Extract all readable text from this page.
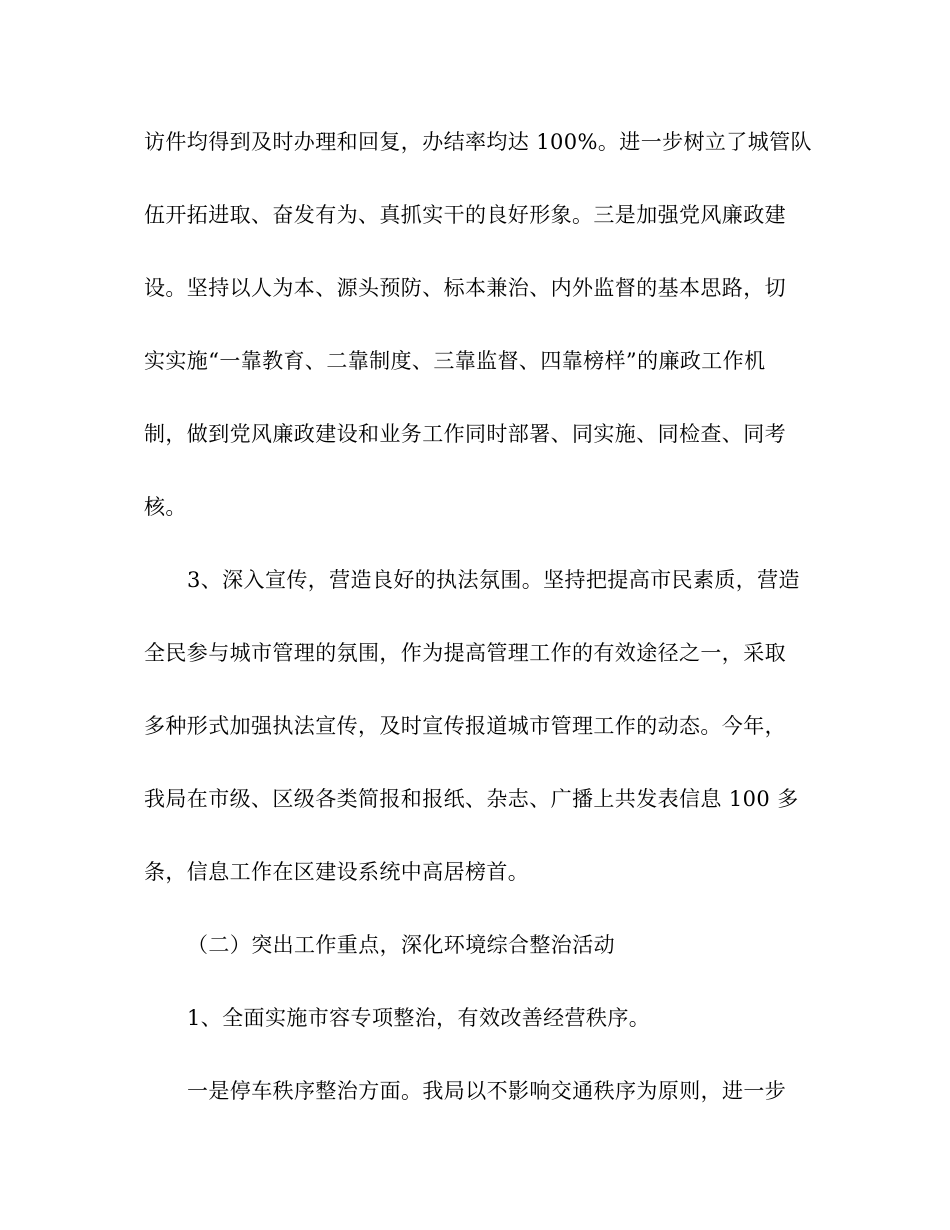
访件均得到及时办理和回复，办结率均达 100%。进一步树立了城管队
伍开拓进取、奋发有为、真抓实干的良好形象。三是加强党风廉政建
设。坚持以人为本、源头预防、标本兼治、内外监督的基本思路，切
实实施“一靠教育、二靠制度、三靠监督、四靠榜样”的廉政工作机
制，做到党风廉政建设和业务工作同时部署、同实施、同检查、同考
核。
3、深入宣传，营造良好的执法氛围。坚持把提高市民素质，营造
全民参与城市管理的氛围，作为提高管理工作的有效途径之一，采取
多种形式加强执法宣传，及时宣传报道城市管理工作的动态。今年，
我局在市级、区级各类简报和报纸、杂志、广播上共发表信息 100 多
条，信息工作在区建设系统中高居榜首。
（二）突出工作重点，深化环境综合整治活动
1、全面实施市容专项整治，有效改善经营秩序。
一是停车秩序整治方面。我局以不影响交通秩序为原则，进一步
